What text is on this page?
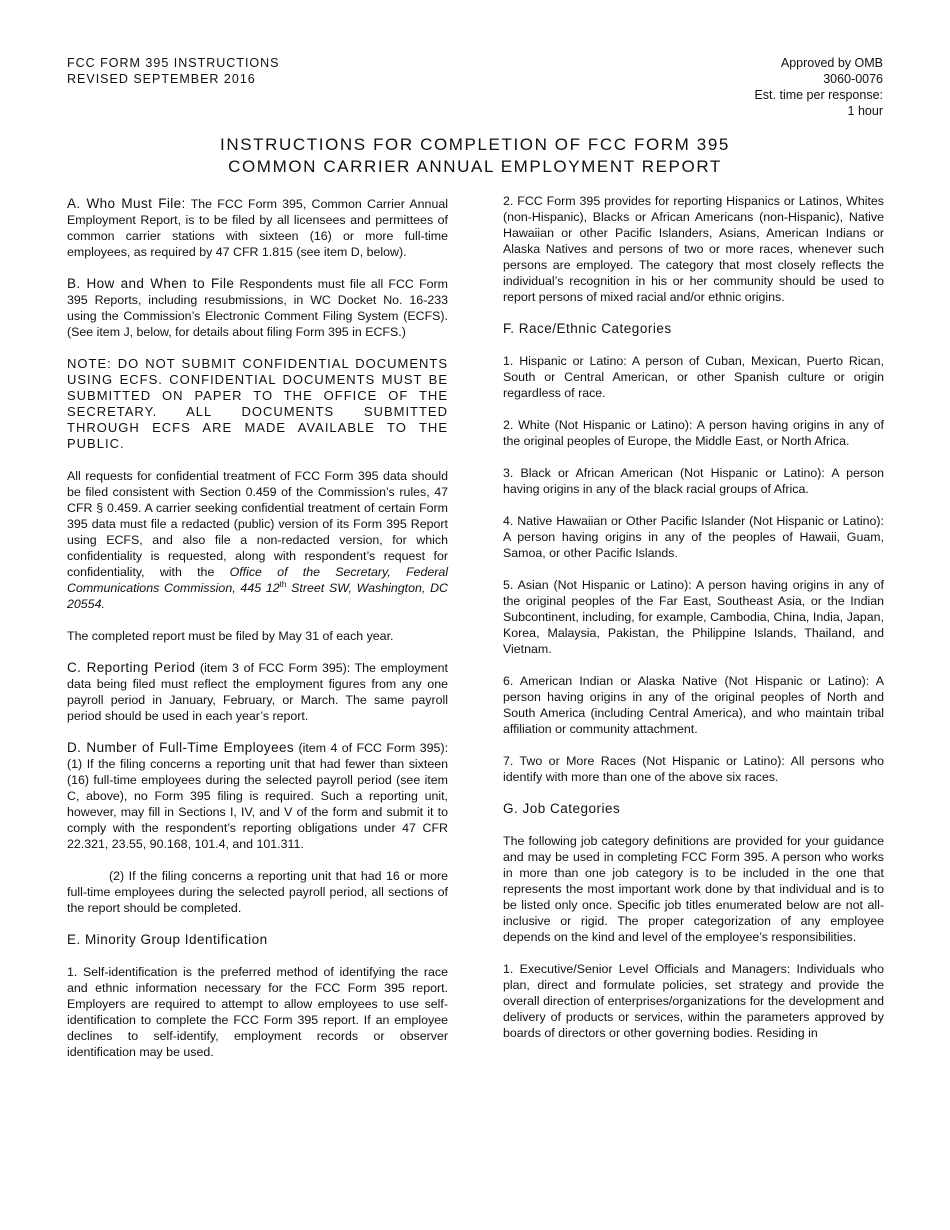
FCC FORM 395 INSTRUCTIONS
REVISED SEPTEMBER 2016
Approved by OMB
3060-0076
Est. time per response:
1 hour
INSTRUCTIONS FOR COMPLETION OF FCC FORM 395
COMMON CARRIER ANNUAL EMPLOYMENT REPORT

A. Who Must File: The FCC Form 395, Common Carrier Annual Employment Report, is to be filed by all licensees and permittees of common carrier stations with sixteen (16) or more full-time employees, as required by 47 CFR 1.815 (see item D, below).

B. How and When to File Respondents must file all FCC Form 395 Reports, including resubmissions, in WC Docket No. 16-233 using the Commission’s Electronic Comment Filing System (ECFS). (See item J, below, for details about filing Form 395 in ECFS.)

NOTE: DO NOT SUBMIT CONFIDENTIAL DOCUMENTS USING ECFS. CONFIDENTIAL DOCUMENTS MUST BE SUBMITTED ON PAPER TO THE OFFICE OF THE SECRETARY. ALL DOCUMENTS SUBMITTED THROUGH ECFS ARE MADE AVAILABLE TO THE PUBLIC.

All requests for confidential treatment of FCC Form 395 data should be filed consistent with Section 0.459 of the Commission’s rules, 47 CFR § 0.459. A carrier seeking confidential treatment of certain Form 395 data must file a redacted (public) version of its Form 395 Report using ECFS, and also file a non-redacted version, for which confidentiality is requested, along with respondent’s request for confidentiality, with the Office of the Secretary, Federal Communications Commission, 445 12th Street SW, Washington, DC 20554.

The completed report must be filed by May 31 of each year.

C. Reporting Period (item 3 of FCC Form 395): The employment data being filed must reflect the employment figures from any one payroll period in January, February, or March. The same payroll period should be used in each year’s report.

D. Number of Full-Time Employees (item 4 of FCC Form 395): (1) If the filing concerns a reporting unit that had fewer than sixteen (16) full-time employees during the selected payroll period (see item C, above), no Form 395 filing is required. Such a reporting unit, however, may fill in Sections I, IV, and V of the form and submit it to comply with the respondent’s reporting obligations under 47 CFR 22.321, 23.55, 90.168, 101.4, and 101.311.

(2) If the filing concerns a reporting unit that had 16 or more full-time employees during the selected payroll period, all sections of the report should be completed.

E. Minority Group Identification

1. Self-identification is the preferred method of identifying the race and ethnic information necessary for the FCC Form 395 report. Employers are required to attempt to allow employees to use self-identification to complete the FCC Form 395 report. If an employee declines to self-identify, employment records or observer identification may be used.

2. FCC Form 395 provides for reporting Hispanics or Latinos, Whites (non-Hispanic), Blacks or African Americans (non-Hispanic), Native Hawaiian or other Pacific Islanders, Asians, American Indians or Alaska Natives and persons of two or more races, whenever such persons are employed. The category that most closely reflects the individual’s recognition in his or her community should be used to report persons of mixed racial and/or ethnic origins.

F. Race/Ethnic Categories

1. Hispanic or Latino: A person of Cuban, Mexican, Puerto Rican, South or Central American, or other Spanish culture or origin regardless of race.

2. White (Not Hispanic or Latino): A person having origins in any of the original peoples of Europe, the Middle East, or North Africa.

3. Black or African American (Not Hispanic or Latino): A person having origins in any of the black racial groups of Africa.

4. Native Hawaiian or Other Pacific Islander (Not Hispanic or Latino): A person having origins in any of the peoples of Hawaii, Guam, Samoa, or other Pacific Islands.

5. Asian (Not Hispanic or Latino): A person having origins in any of the original peoples of the Far East, Southeast Asia, or the Indian Subcontinent, including, for example, Cambodia, China, India, Japan, Korea, Malaysia, Pakistan, the Philippine Islands, Thailand, and Vietnam.

6. American Indian or Alaska Native (Not Hispanic or Latino): A person having origins in any of the original peoples of North and South America (including Central America), and who maintain tribal affiliation or community attachment.

7. Two or More Races (Not Hispanic or Latino): All persons who identify with more than one of the above six races.

G. Job Categories

The following job category definitions are provided for your guidance and may be used in completing FCC Form 395. A person who works in more than one job category is to be included in the one that represents the most important work done by that individual and is to be listed only once. Specific job titles enumerated below are not all-inclusive or rigid. The proper categorization of any employee depends on the kind and level of the employee’s responsibilities.

1. Executive/Senior Level Officials and Managers: Individuals who plan, direct and formulate policies, set strategy and provide the overall direction of enterprises/organizations for the development and delivery of products or services, within the parameters approved by boards of directors or other governing bodies. Residing in
